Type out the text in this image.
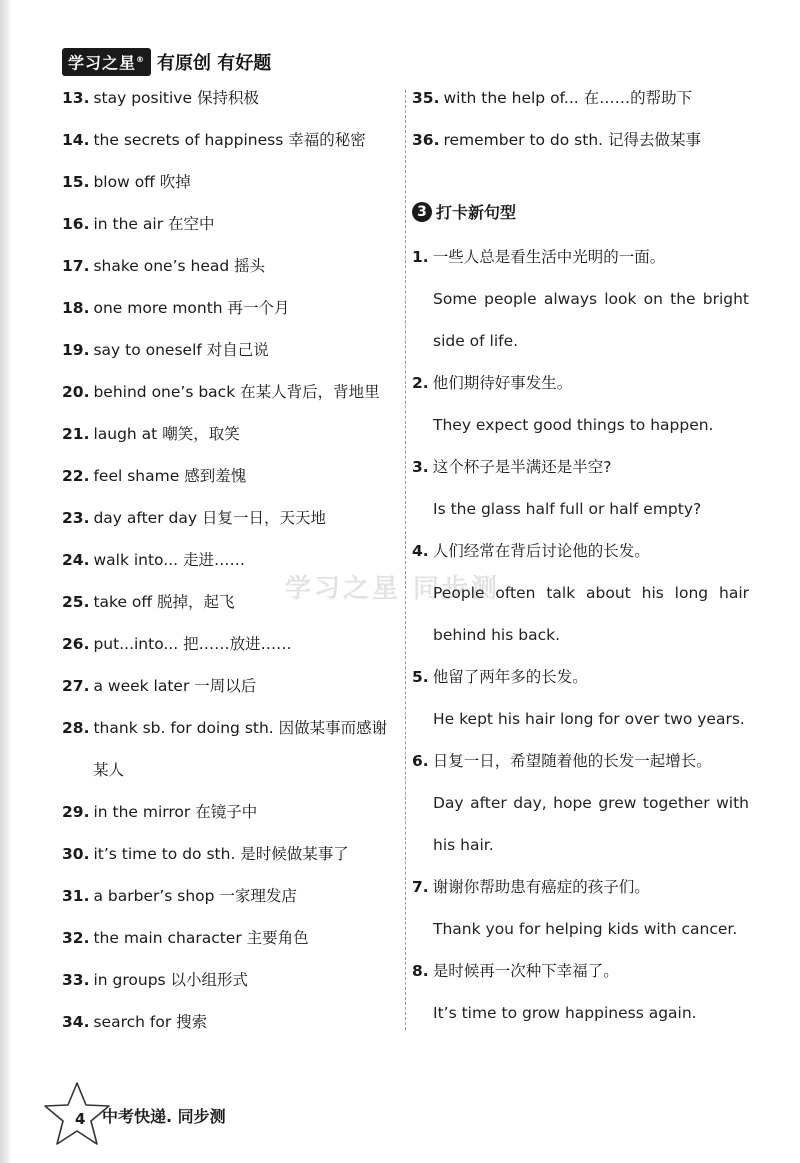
学习之星® 有原创 有好题
学习之星 同步测
13. stay positive 保持积极
14. the secrets of happiness 幸福的秘密
15. blow off 吹掉
16. in the air 在空中
17. shake one’s head 摇头
18. one more month 再一个月
19. say to oneself 对自己说
20. behind one’s back 在某人背后，背地里
21. laugh at 嘲笑，取笑
22. feel shame 感到羞愧
23. day after day 日复一日，天天地
24. walk into... 走进……
25. take off 脱掉，起飞
26. put...into... 把……放进……
27. a week later 一周以后
28. thank sb. for doing sth. 因做某事而感谢
某人
29. in the mirror 在镜子中
30. it’s time to do sth. 是时候做某事了
31. a barber’s shop 一家理发店
32. the main character 主要角色
33. in groups 以小组形式
34. search for 搜索
35. with the help of... 在……的帮助下
36. remember to do sth. 记得去做某事
3 打卡新句型
1. 一些人总是看生活中光明的一面。
Some people always look on the bright
side of life.
2. 他们期待好事发生。
They expect good things to happen.
3. 这个杯子是半满还是半空?
Is the glass half full or half empty?
4. 人们经常在背后讨论他的长发。
People often talk about his long hair
behind his back.
5. 他留了两年多的长发。
He kept his hair long for over two years.
6. 日复一日，希望随着他的长发一起增长。
Day after day, hope grew together with
his hair.
7. 谢谢你帮助患有癌症的孩子们。
Thank you for helping kids with cancer.
8. 是时候再一次种下幸福了。
It’s time to grow happiness again.
4 中考快递. 同步测
